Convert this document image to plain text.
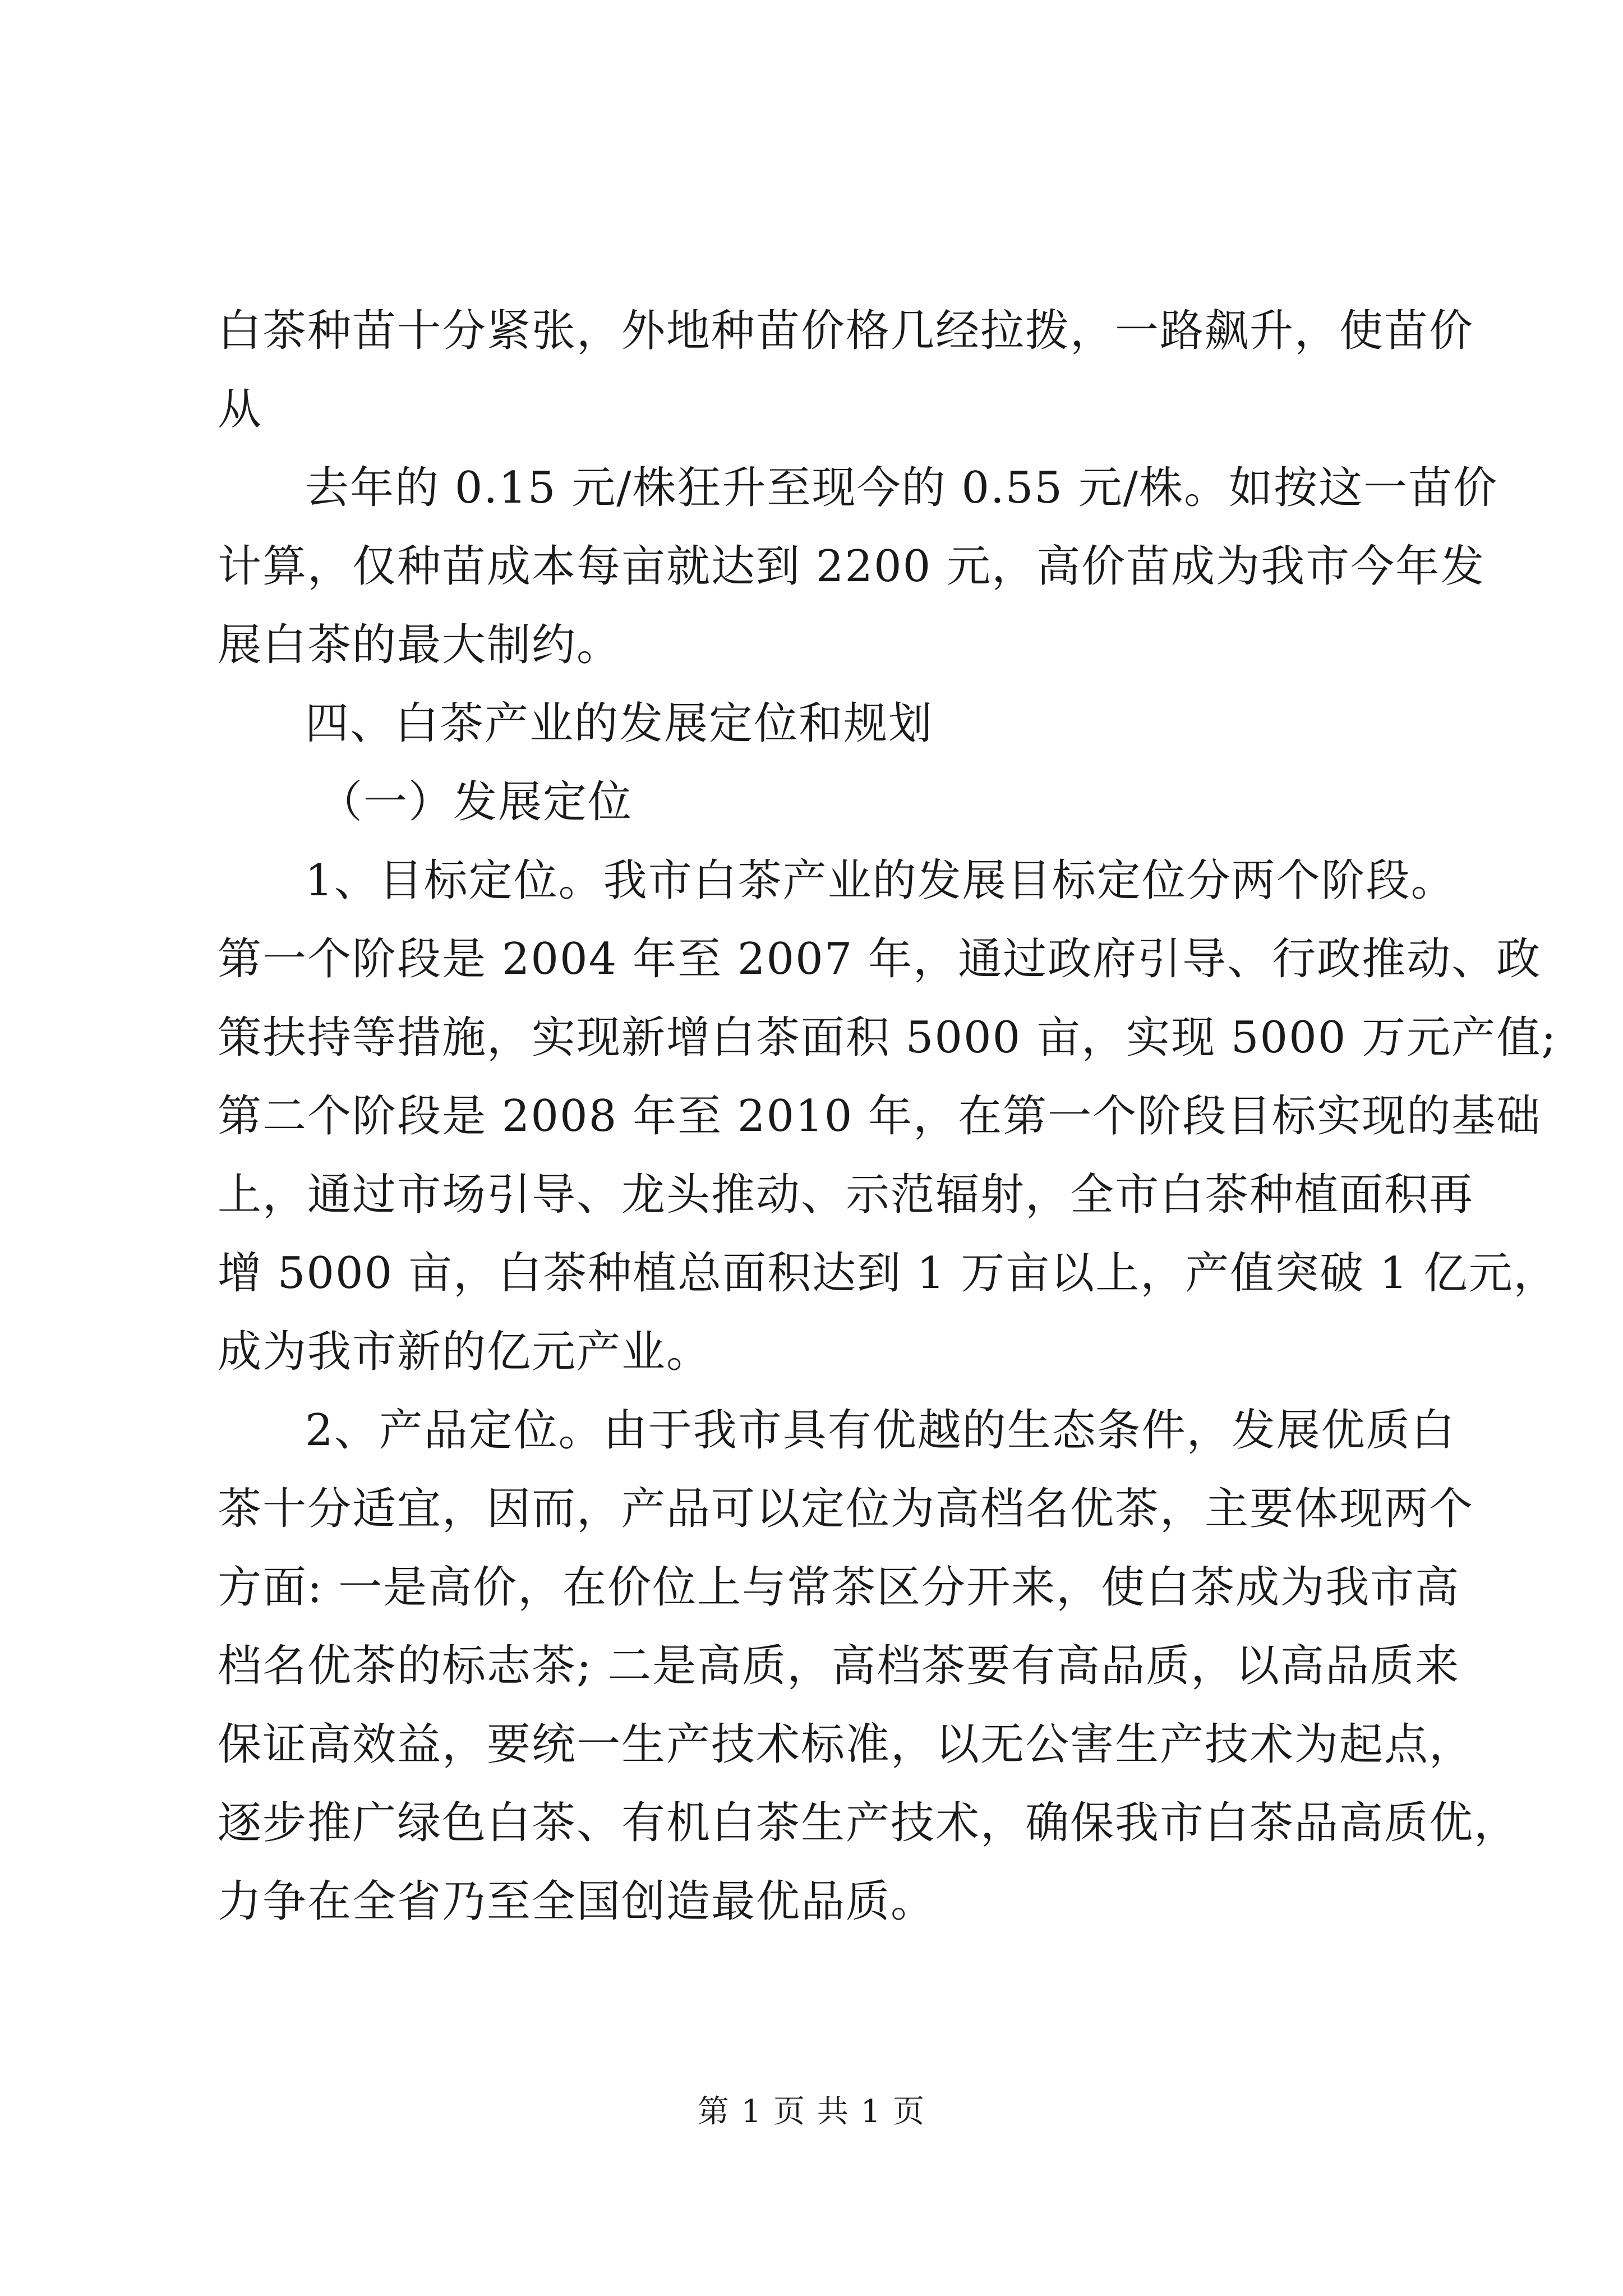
白茶种苗十分紧张，外地种苗价格几经拉拨，一路飙升，使苗价
从
去年的 0.15 元/株狂升至现今的 0.55 元/株。如按这一苗价
计算，仅种苗成本每亩就达到 2200 元，高价苗成为我市今年发
展白茶的最大制约。
四、白茶产业的发展定位和规划
（一）发展定位
1、目标定位。我市白茶产业的发展目标定位分两个阶段。
第一个阶段是 2004 年至 2007 年，通过政府引导、行政推动、政
策扶持等措施，实现新增白茶面积 5000 亩，实现 5000 万元产值;
第二个阶段是 2008 年至 2010 年，在第一个阶段目标实现的基础
上，通过市场引导、龙头推动、示范辐射，全市白茶种植面积再
增 5000 亩，白茶种植总面积达到 1 万亩以上，产值突破 1 亿元，
成为我市新的亿元产业。
2、产品定位。由于我市具有优越的生态条件，发展优质白
茶十分适宜，因而，产品可以定位为高档名优茶，主要体现两个
方面: 一是高价，在价位上与常茶区分开来，使白茶成为我市高
档名优茶的标志茶; 二是高质，高档茶要有高品质，以高品质来
保证高效益，要统一生产技术标准，以无公害生产技术为起点，
逐步推广绿色白茶、有机白茶生产技术，确保我市白茶品高质优，
力争在全省乃至全国创造最优品质。
第 1 页 共 1 页
